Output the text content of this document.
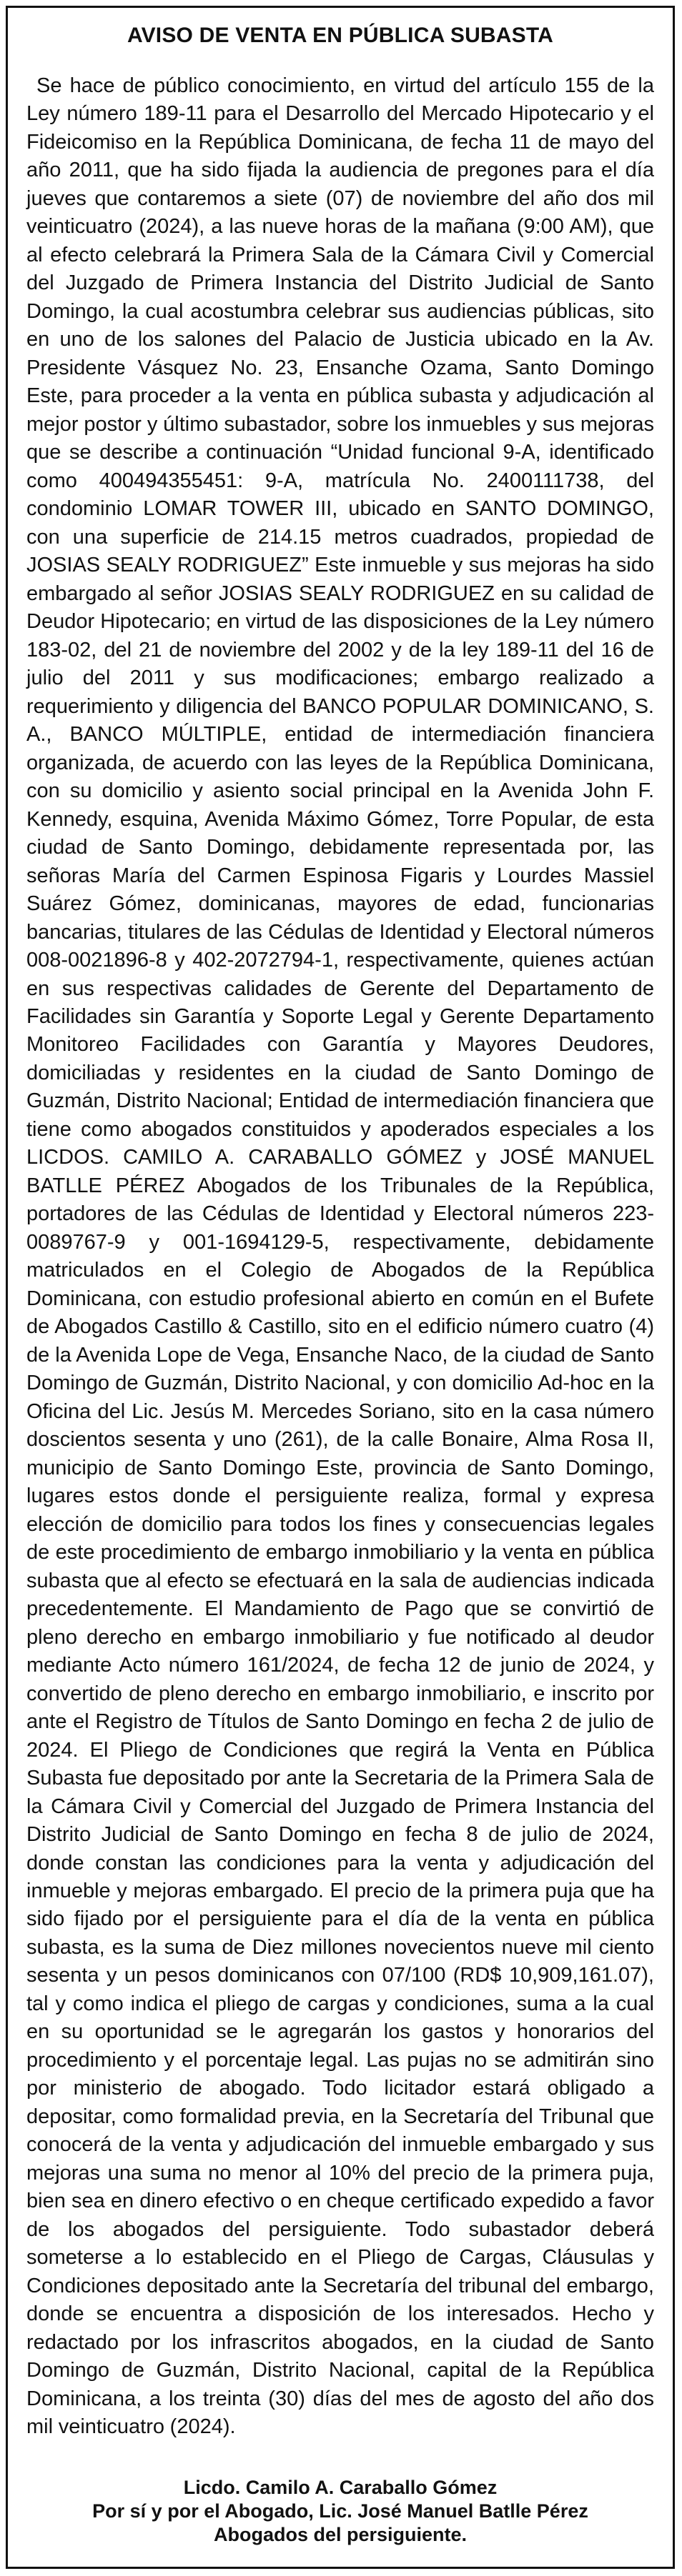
AVISO DE VENTA EN PÚBLICA SUBASTA

Se hace de público conocimiento, en virtud del artículo 155 de la Ley número 189-11 para el Desarrollo del Mercado Hipotecario y el Fideicomiso en la República Dominicana, de fecha 11 de mayo del año 2011, que ha sido fijada la audiencia de pregones para el día jueves que contaremos a siete (07) de noviembre del año dos mil veinticuatro (2024), a las nueve horas de la mañana (9:00 AM), que al efecto celebrará la Primera Sala de la Cámara Civil y Comercial del Juzgado de Primera Instancia del Distrito Judicial de Santo Domingo, la cual acostumbra celebrar sus audiencias públicas, sito en uno de los salones del Palacio de Justicia ubicado en la Av. Presidente Vásquez No. 23, Ensanche Ozama, Santo Domingo Este, para proceder a la venta en pública subasta y adjudicación al mejor postor y último subastador, sobre los inmuebles y sus mejoras que se describe a continuación “Unidad funcional 9-A, identificado como 400494355451: 9-A, matrícula No. 2400111738, del condominio LOMAR TOWER III, ubicado en SANTO DOMINGO, con una superficie de 214.15 metros cuadrados, propiedad de JOSIAS SEALY RODRIGUEZ” Este inmueble y sus mejoras ha sido embargado al señor JOSIAS SEALY RODRIGUEZ en su calidad de Deudor Hipotecario; en virtud de las disposiciones de la Ley número 183-02, del 21 de noviembre del 2002 y de la ley 189-11 del 16 de julio del 2011 y sus modificaciones; embargo realizado a requerimiento y diligencia del BANCO POPULAR DOMINICANO, S. A., BANCO MÚLTIPLE, entidad de intermediación financiera organizada, de acuerdo con las leyes de la República Dominicana, con su domicilio y asiento social principal en la Avenida John F. Kennedy, esquina, Avenida Máximo Gómez, Torre Popular, de esta ciudad de Santo Domingo, debidamente representada por, las señoras María del Carmen Espinosa Figaris y Lourdes Massiel Suárez Gómez, dominicanas, mayores de edad, funcionarias bancarias, titulares de las Cédulas de Identidad y Electoral números 008-0021896-8 y 402-2072794-1, respectivamente, quienes actúan en sus respectivas calidades de Gerente del Departamento de Facilidades sin Garantía y Soporte Legal y Gerente Departamento Monitoreo Facilidades con Garantía y Mayores Deudores, domiciliadas y residentes en la ciudad de Santo Domingo de Guzmán, Distrito Nacional; Entidad de intermediación financiera que tiene como abogados constituidos y apoderados especiales a los LICDOS. CAMILO A. CARABALLO GÓMEZ y JOSÉ MANUEL BATLLE PÉREZ Abogados de los Tribunales de la República, portadores de las Cédulas de Identidad y Electoral números 223-0089767-9 y 001-1694129-5, respectivamente, debidamente matriculados en el Colegio de Abogados de la República Dominicana, con estudio profesional abierto en común en el Bufete de Abogados Castillo & Castillo, sito en el edificio número cuatro (4) de la Avenida Lope de Vega, Ensanche Naco, de la ciudad de Santo Domingo de Guzmán, Distrito Nacional, y con domicilio Ad-hoc en la Oficina del Lic. Jesús M. Mercedes Soriano, sito en la casa número doscientos sesenta y uno (261), de la calle Bonaire, Alma Rosa II, municipio de Santo Domingo Este, provincia de Santo Domingo, lugares estos donde el persiguiente realiza, formal y expresa elección de domicilio para todos los fines y consecuencias legales de este procedimiento de embargo inmobiliario y la venta en pública subasta que al efecto se efectuará en la sala de audiencias indicada precedentemente. El Mandamiento de Pago que se convirtió de pleno derecho en embargo inmobiliario y fue notificado al deudor mediante Acto número 161/2024, de fecha 12 de junio de 2024, y convertido de pleno derecho en embargo inmobiliario, e inscrito por ante el Registro de Títulos de Santo Domingo en fecha 2 de julio de 2024. El Pliego de Condiciones que regirá la Venta en Pública Subasta fue depositado por ante la Secretaria de la Primera Sala de la Cámara Civil y Comercial del Juzgado de Primera Instancia del Distrito Judicial de Santo Domingo en fecha 8 de julio de 2024, donde constan las condiciones para la venta y adjudicación del inmueble y mejoras embargado. El precio de la primera puja que ha sido fijado por el persiguiente para el día de la venta en pública subasta, es la suma de Diez millones novecientos nueve mil ciento sesenta y un pesos dominicanos con 07/100 (RD$ 10,909,161.07), tal y como indica el pliego de cargas y condiciones, suma a la cual en su oportunidad se le agregarán los gastos y honorarios del procedimiento y el porcentaje legal. Las pujas no se admitirán sino por ministerio de abogado. Todo licitador estará obligado a depositar, como formalidad previa, en la Secretaría del Tribunal que conocerá de la venta y adjudicación del inmueble embargado y sus mejoras una suma no menor al 10% del precio de la primera puja, bien sea en dinero efectivo o en cheque certificado expedido a favor de los abogados del persiguiente. Todo subastador deberá someterse a lo establecido en el Pliego de Cargas, Cláusulas y Condiciones depositado ante la Secretaría del tribunal del embargo, donde se encuentra a disposición de los interesados. Hecho y redactado por los infrascritos abogados, en la ciudad de Santo Domingo de Guzmán, Distrito Nacional, capital de la República Dominicana, a los treinta (30) días del mes de agosto del año dos mil veinticuatro (2024).

Licdo. Camilo A. Caraballo Gómez
Por sí y por el Abogado, Lic. José Manuel Batlle Pérez
Abogados del persiguiente.
